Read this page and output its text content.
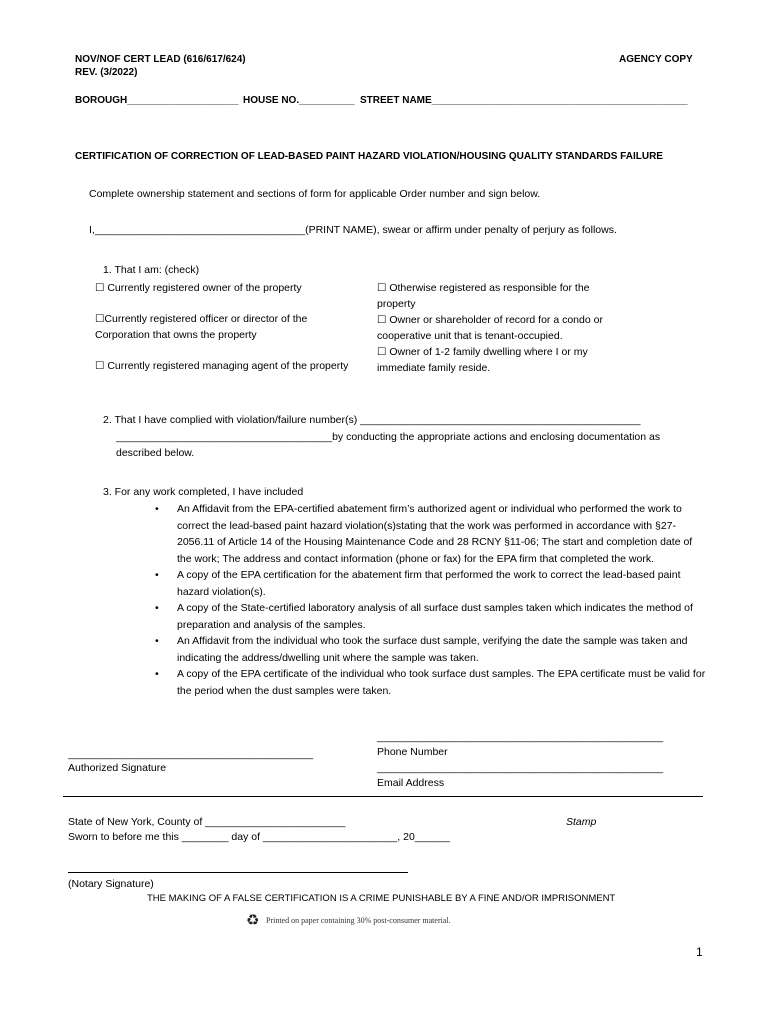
NOV/NOF CERT LEAD (616/617/624)
REV. (3/2022)
AGENCY COPY
BOROUGH____________________ HOUSE NO.__________ STREET NAME______________________________________________
CERTIFICATION OF CORRECTION OF LEAD-BASED PAINT HAZARD VIOLATION/HOUSING QUALITY STANDARDS FAILURE
Complete ownership statement and sections of form for applicable Order number and sign below.
I,____________________________________(PRINT NAME), swear or affirm under penalty of perjury as follows.
1. That I am: (check)
☐ Currently registered owner of the property
☐Currently registered officer or director of the Corporation that owns the property
☐ Currently registered managing agent of the property
☐ Otherwise registered as responsible for the property
☐ Owner or shareholder of record for a condo or cooperative unit that is tenant-occupied.
☐ Owner of 1-2 family dwelling where I or my immediate family reside.
2. That I have complied with violation/failure number(s) ________________________________________________
_____________________________________by conducting the appropriate actions and enclosing documentation as
described below.
3. For any work completed, I have included
• An Affidavit from the EPA-certified abatement firm’s authorized agent or individual who performed the work to correct the lead-based paint hazard violation(s)stating that the work was performed in accordance with §27-2056.11 of Article 14 of the Housing Maintenance Code and 28 RCNY §11-06; The start and completion date of the work; The address and contact information (phone or fax) for the EPA firm that completed the work.
• A copy of the EPA certification for the abatement firm that performed the work to correct the lead-based paint hazard violation(s).
• A copy of the State-certified laboratory analysis of all surface dust samples taken which indicates the method of preparation and analysis of the samples.
• An Affidavit from the individual who took the surface dust sample, verifying the date the sample was taken and indicating the address/dwelling unit where the sample was taken.
• A copy of the EPA certificate of the individual who took surface dust samples. The EPA certificate must be valid for the period when the dust samples were taken.
_________________________________________________
__________________________________________	Phone Number
Authorized Signature	_________________________________________________
Email Address
State of New York, County of ________________________
Sworn to before me this ________ day of _______________________, 20______
Stamp
(Notary Signature)
THE MAKING OF A FALSE CERTIFICATION IS A CRIME PUNISHABLE BY A FINE AND/OR IMPRISONMENT
♻ Printed on paper containing 30% post-consumer material.
1
